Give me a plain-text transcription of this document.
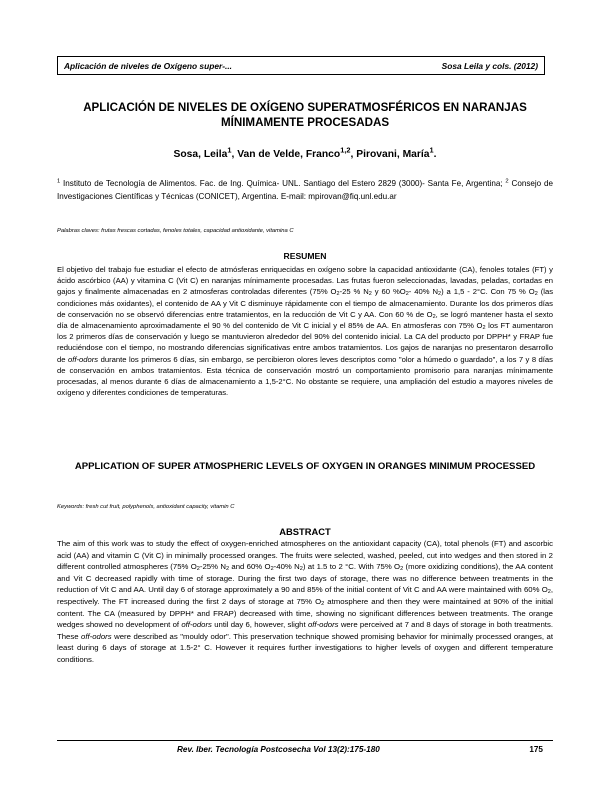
Aplicación de niveles de Oxígeno super-...	Sosa Leila y cols. (2012)
APLICACIÓN DE NIVELES DE OXÍGENO SUPERATMOSFÉRICOS EN NARANJAS MÍNIMAMENTE PROCESADAS
Sosa, Leila$^1$, Van de Velde, Franco$^{1,2}$, Pirovani, María$^1$.
$^1$ Instituto de Tecnología de Alimentos. Fac. de Ing. Química- UNL. Santiago del Estero 2829 (3000)- Santa Fe, Argentina; $^2$ Consejo de Investigaciones Científicas y Técnicas (CONICET), Argentina. E-mail: mpirovan@fiq.unl.edu.ar
Palabras claves: frutas frescas cortadas, fenoles totales, capacidad antioxidante, vitamina C
RESUMEN

El objetivo del trabajo fue estudiar el efecto de atmósferas enriquecidas en oxígeno sobre la capacidad antioxidante (CA), fenoles totales (FT) y ácido ascórbico (AA) y vitamina C (Vit C) en naranjas mínimamente procesadas. Las frutas fueron seleccionadas, lavadas, peladas, cortadas en gajos y finalmente almacenadas en 2 atmosferas controladas diferentes (75% $O_2-25$ % $N_2$ y 60 $\%O_2-$ 40% $N_2$) a 1,5 - 2°C. Con 75 % $O_2$ (las condiciones más oxidantes), el contenido de AA y Vit C disminuye rápidamente con el tiempo de almacenamiento. Durante los dos primeros días de conservación no se observó diferencias entre tratamientos, en la reducción de Vit C y AA. Con 60 % de $O_2$, se logró mantener hasta el sexto día de almacenamiento aproximadamente el 90 % del contenido de Vit C inicial y el 85% de AA. En atmosferas con 75% $O_2$ los FT aumentaron los 2 primeros días de conservación y luego se mantuvieron alrededor del 90% del contenido inicial. La CA del producto por DPPH* y FRAP fue reduciéndose con el tiempo, no mostrando diferencias significativas entre ambos tratamientos. Los gajos de naranjas no presentaron desarrollo de off-odors durante los primeros 6 días, sin embargo, se percibieron olores leves descriptos como "olor a húmedo o guardado", a los 7 y 8 días de conservación en ambos tratamientos. Esta técnica de conservación mostró un comportamiento promisorio para naranjas mínimamente procesadas, al menos durante 6 días de almacenamiento a 1,5-2°C. No obstante se requiere, una ampliación del estudio a mayores niveles de oxígeno y diferentes condiciones de temperaturas.

APPLICATION OF SUPER ATMOSPHERIC LEVELS OF OXYGEN IN ORANGES MINIMUM PROCESSED
Keywords: fresh cut fruit, polyphenols, antioxidant capacity, vitamin C
ABSTRACT

The aim of this work was to study the effect of oxygen-enriched atmospheres on the antioxidant capacity (CA), total phenols (FT) and ascorbic acid (AA) and vitamin C (Vit C) in minimally processed oranges. The fruits were selected, washed, peeled, cut into wedges and then stored in 2 different controlled atmospheres (75% $O_2-25\%$ $N_2$ and 60% $O_2-40\%$ $N_2$) at 1.5 to 2 °C. With 75% $O_2$ (more oxidizing conditions), the AA content and Vit C decreased rapidly with time of storage. During the first two days of storage, there was no difference between treatments in the reduction of Vit C and AA. Until day 6 of storage approximately a 90 and 85% of the initial content of Vit C and AA were maintained with 60% $O_2$, respectively. The FT increased during the first 2 days of storage at 75% $O_2$ atmosphere and then they were maintained at 90% of the initial content. The CA (measured by DPPH* and FRAP) decreased with time, showing no significant differences between treatments. The orange wedges showed no development of off-odors until day 6, however, slight off-odors were perceived at 7 and 8 days of storage in both treatments. These off-odors were described as "mouldy odor". This preservation technique showed promising behavior for minimally processed oranges, at least during 6 days of storage at 1.5-2° C. However it requires further investigations to higher levels of oxygen and different temperature conditions.

Rev. Iber. Tecnología Postcosecha Vol 13(2):175-180	175
